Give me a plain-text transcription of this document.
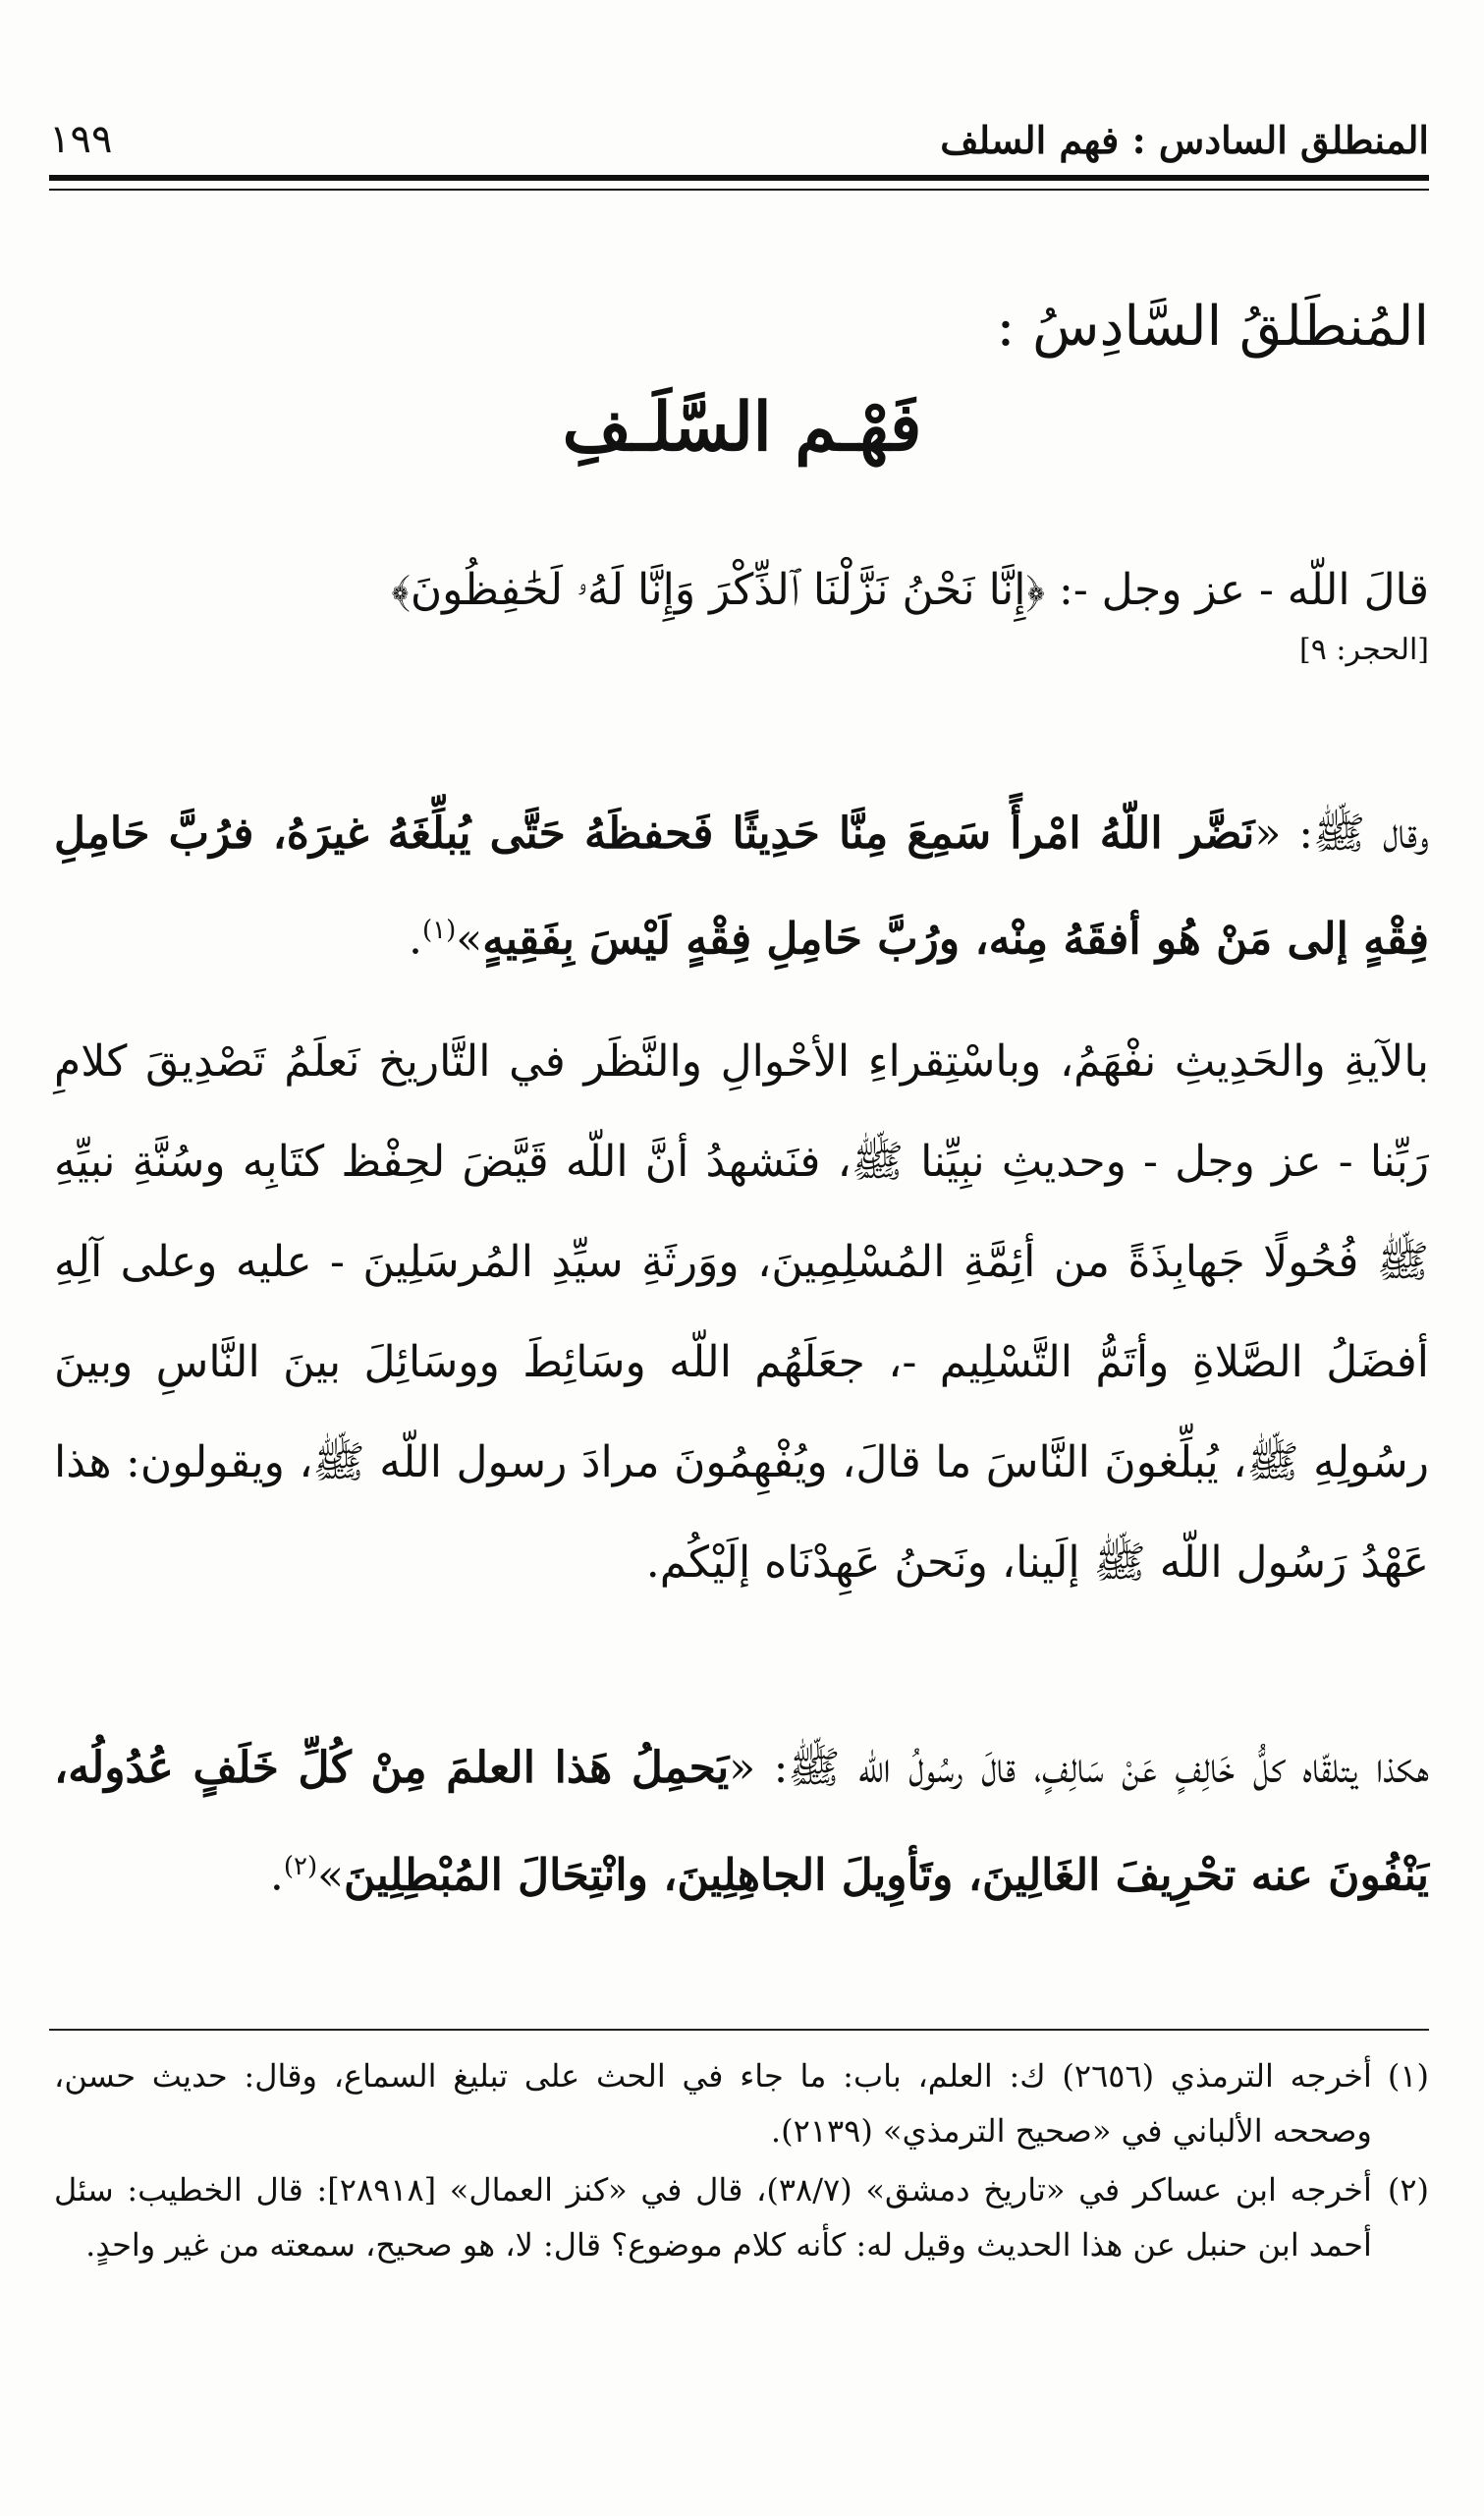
المنطلق السادس : فهم السلف
١٩٩
المُنطَلقُ السَّادِسُ :
فَهْـم السَّلَـفِ
قالَ اللّه - عز وجل -: ﴿إِنَّا نَحْنُ نَزَّلْنَا ٱلذِّكْرَ وَإِنَّا لَهُۥ لَحَٰفِظُونَ﴾
[الحجر: ٩]

وقال ﷺ: «نَضَّر اللّهُ امْرأً سَمِعَ مِنَّا حَدِيثًا فَحفظَهُ حَتَّى يُبلِّغَهُ غيرَهُ، فرُبَّ حَامِلِ فِقْهٍ إلى مَنْ هُو أفقَهُ مِنْه، ورُبَّ حَامِلِ فِقْهٍ لَيْسَ بِفَقِيهٍ»$^{(١)}$.

بالآيةِ والحَدِيثِ نفْهَمُ، وباسْتِقراءِ الأحْوالِ والنَّظَر في التَّاريخ نَعلَمُ تَصْدِيقَ كلامِ رَبِّنا - عز وجل - وحديثِ نبِيِّنا ﷺ، فنَشهدُ أنَّ اللّه قَيَّضَ لحِفْظ كتَابِه وسُنَّةِ نبيِّهِ ﷺ فُحُولًا جَهابِذَةً من أئِمَّةِ المُسْلِمِينَ، ووَرثَةِ سيِّدِ المُرسَلِينَ - عليه وعلى آلِهِ أفضَلُ الصَّلاةِ وأتَمُّ التَّسْلِيم -، جعَلَهُم اللّه وسَائِطَ ووسَائِلَ بينَ النَّاسِ وبينَ رسُولِهِ ﷺ، يُبلِّغونَ النَّاسَ ما قالَ، ويُفْهِمُونَ مرادَ رسول اللّه ﷺ، ويقولون: هذا عَهْدُ رَسُول اللّه ﷺ إلَينا، ونَحنُ عَهِدْنَاه إلَيْكُم.

هكذا يتلقّاه كلُّ خَالِفٍ عَنْ سَالِفٍ، قالَ رسُولُ اللّه ﷺ: «يَحمِلُ هَذا العلمَ مِنْ كُلِّ خَلَفٍ عُدُولُه، يَنْفُونَ عنه تحْرِيفَ الغَالِينَ، وتَأوِيلَ الجاهِلِينَ، وانْتِحَالَ المُبْطِلِينَ»$^{(٢)}$.

(١)
أخرجه الترمذي (٢٦٥٦) ك: العلم، باب: ما جاء في الحث على تبليغ السماع، وقال: حديث حسن، وصححه الألباني في «صحيح الترمذي» (٢١٣٩).
(٢)
أخرجه ابن عساكر في «تاريخ دمشق» (٣٨/٧)، قال في «كنز العمال» [٢٨٩١٨]: قال الخطيب: سئل أحمد ابن حنبل عن هذا الحديث وقيل له: كأنه كلام موضوع؟ قال: لا، هو صحيح، سمعته من غير واحدٍ.
